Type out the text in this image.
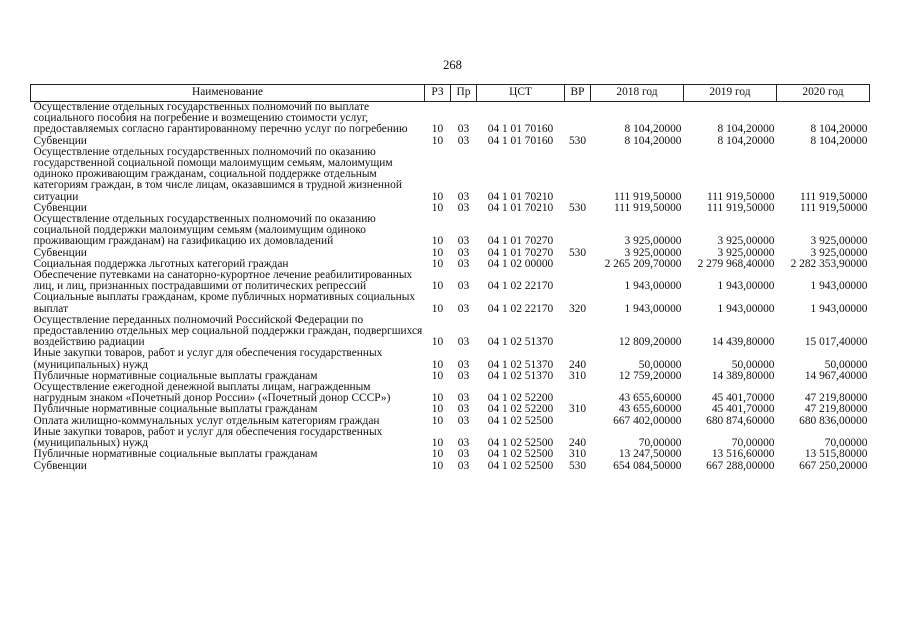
268
Наименование	РЗ	Пр	ЦСТ	ВР	2018 год	2019 год	2020 год
Осуществление отдельных государственных полномочий по выплате социального пособия на погребение и возмещению стоимости услуг, предоставляемых согласно гарантированному перечню услуг по погребению	10	03	04 1 01 70160		8 104,20000	8 104,20000	8 104,20000
Субвенции	10	03	04 1 01 70160	530	8 104,20000	8 104,20000	8 104,20000
Осуществление отдельных государственных полномочий по оказанию государственной социальной помощи малоимущим семьям, малоимущим одиноко проживающим гражданам, социальной поддержке отдельным категориям граждан, в том числе лицам, оказавшимся в трудной жизненной ситуации	10	03	04 1 01 70210		111 919,50000	111 919,50000	111 919,50000
Субвенции	10	03	04 1 01 70210	530	111 919,50000	111 919,50000	111 919,50000
Осуществление отдельных государственных полномочий по оказанию социальной поддержки малоимущим семьям (малоимущим одиноко проживающим гражданам) на газификацию их домовладений	10	03	04 1 01 70270		3 925,00000	3 925,00000	3 925,00000
Субвенции	10	03	04 1 01 70270	530	3 925,00000	3 925,00000	3 925,00000
Социальная поддержка льготных категорий граждан	10	03	04 1 02 00000		2 265 209,70000	2 279 968,40000	2 282 353,90000
Обеспечение путевками на санаторно-курортное лечение реабилитированных лиц, и лиц, признанных пострадавшими от политических репрессий	10	03	04 1 02 22170		1 943,00000	1 943,00000	1 943,00000
Социальные выплаты гражданам, кроме публичных нормативных социальных выплат	10	03	04 1 02 22170	320	1 943,00000	1 943,00000	1 943,00000
Осуществление переданных полномочий Российской Федерации по предоставлению отдельных мер социальной поддержки граждан, подвергшихся воздействию радиации	10	03	04 1 02 51370		12 809,20000	14 439,80000	15 017,40000
Иные закупки товаров, работ и услуг для обеспечения государственных (муниципальных) нужд	10	03	04 1 02 51370	240	50,00000	50,00000	50,00000
Публичные нормативные социальные выплаты гражданам	10	03	04 1 02 51370	310	12 759,20000	14 389,80000	14 967,40000
Осуществление ежегодной денежной выплаты лицам, награжденным нагрудным знаком «Почетный донор России» («Почетный донор СССР»)	10	03	04 1 02 52200		43 655,60000	45 401,70000	47 219,80000
Публичные нормативные социальные выплаты гражданам	10	03	04 1 02 52200	310	43 655,60000	45 401,70000	47 219,80000
Оплата жилищно-коммунальных услуг отдельным категориям граждан	10	03	04 1 02 52500		667 402,00000	680 874,60000	680 836,00000
Иные закупки товаров, работ и услуг для обеспечения государственных (муниципальных) нужд	10	03	04 1 02 52500	240	70,00000	70,00000	70,00000
Публичные нормативные социальные выплаты гражданам	10	03	04 1 02 52500	310	13 247,50000	13 516,60000	13 515,80000
Субвенции	10	03	04 1 02 52500	530	654 084,50000	667 288,00000	667 250,20000
